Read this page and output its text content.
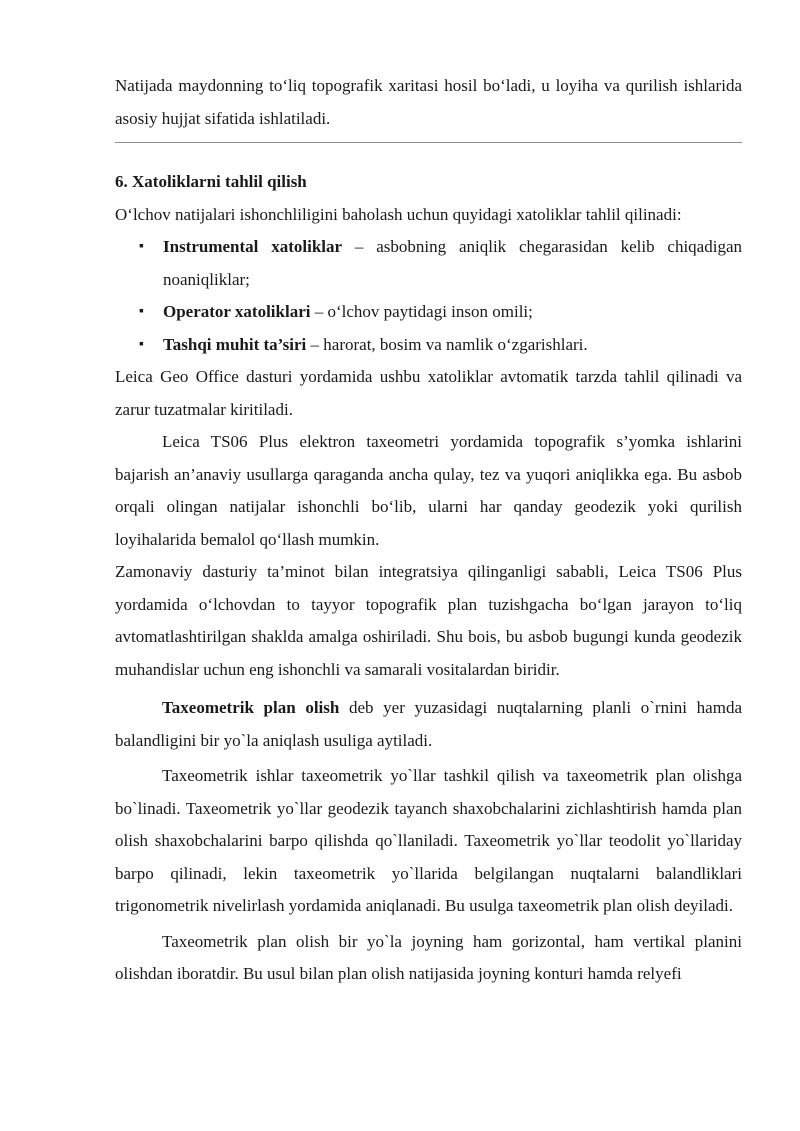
Natijada maydonning to‘liq topografik xaritasi hosil bo‘ladi, u loyiha va qurilish ishlarida asosiy hujjat sifatida ishlatiladi.

6. Xatoliklarni tahlil qilish

O‘lchov natijalari ishonchliligini baholash uchun quyidagi xatoliklar tahlil qilinadi:

▪ Instrumental xatoliklar – asbobning aniqlik chegarasidan kelib chiqadigan noaniqliklar;
▪ Operator xatoliklari – o‘lchov paytidagi inson omili;
▪ Tashqi muhit ta’siri – harorat, bosim va namlik o‘zgarishlari.

Leica Geo Office dasturi yordamida ushbu xatoliklar avtomatik tarzda tahlil qilinadi va zarur tuzatmalar kiritiladi.

Leica TS06 Plus elektron taxeometri yordamida topografik s’yomka ishlarini bajarish an’anaviy usullarga qaraganda ancha qulay, tez va yuqori aniqlikka ega. Bu asbob orqali olingan natijalar ishonchli bo‘lib, ularni har qanday geodezik yoki qurilish loyihalarida bemalol qo‘llash mumkin.

Zamonaviy dasturiy ta’minot bilan integratsiya qilinganligi sababli, Leica TS06 Plus yordamida o‘lchovdan to tayyor topografik plan tuzishgacha bo‘lgan jarayon to‘liq avtomatlashtirilgan shaklda amalga oshiriladi. Shu bois, bu asbob bugungi kunda geodezik muhandislar uchun eng ishonchli va samarali vositalardan biridir.

Taxeometrik plan olish deb yer yuzasidagi nuqtalarning planli o`rnini hamda balandligini bir yo`la aniqlash usuliga aytiladi.

Taxeometrik ishlar taxeometrik yo`llar tashkil qilish va taxeometrik plan olishga bo`linadi. Taxeometrik yo`llar geodezik tayanch shaxobchalarini zichlashtirish hamda plan olish shaxobchalarini barpo qilishda qo`llaniladi. Taxeometrik yo`llar teodolit yo`llariday barpo qilinadi, lekin taxeometrik yo`llarida belgilangan nuqtalarni balandliklari trigonometrik nivelirlash yordamida aniqlanadi. Bu usulga taxeometrik plan olish deyiladi.

Taxeometrik plan olish bir yo`la joyning ham gorizontal, ham vertikal planini olishdan iboratdir. Bu usul bilan plan olish natijasida joyning konturi hamda relyefi
